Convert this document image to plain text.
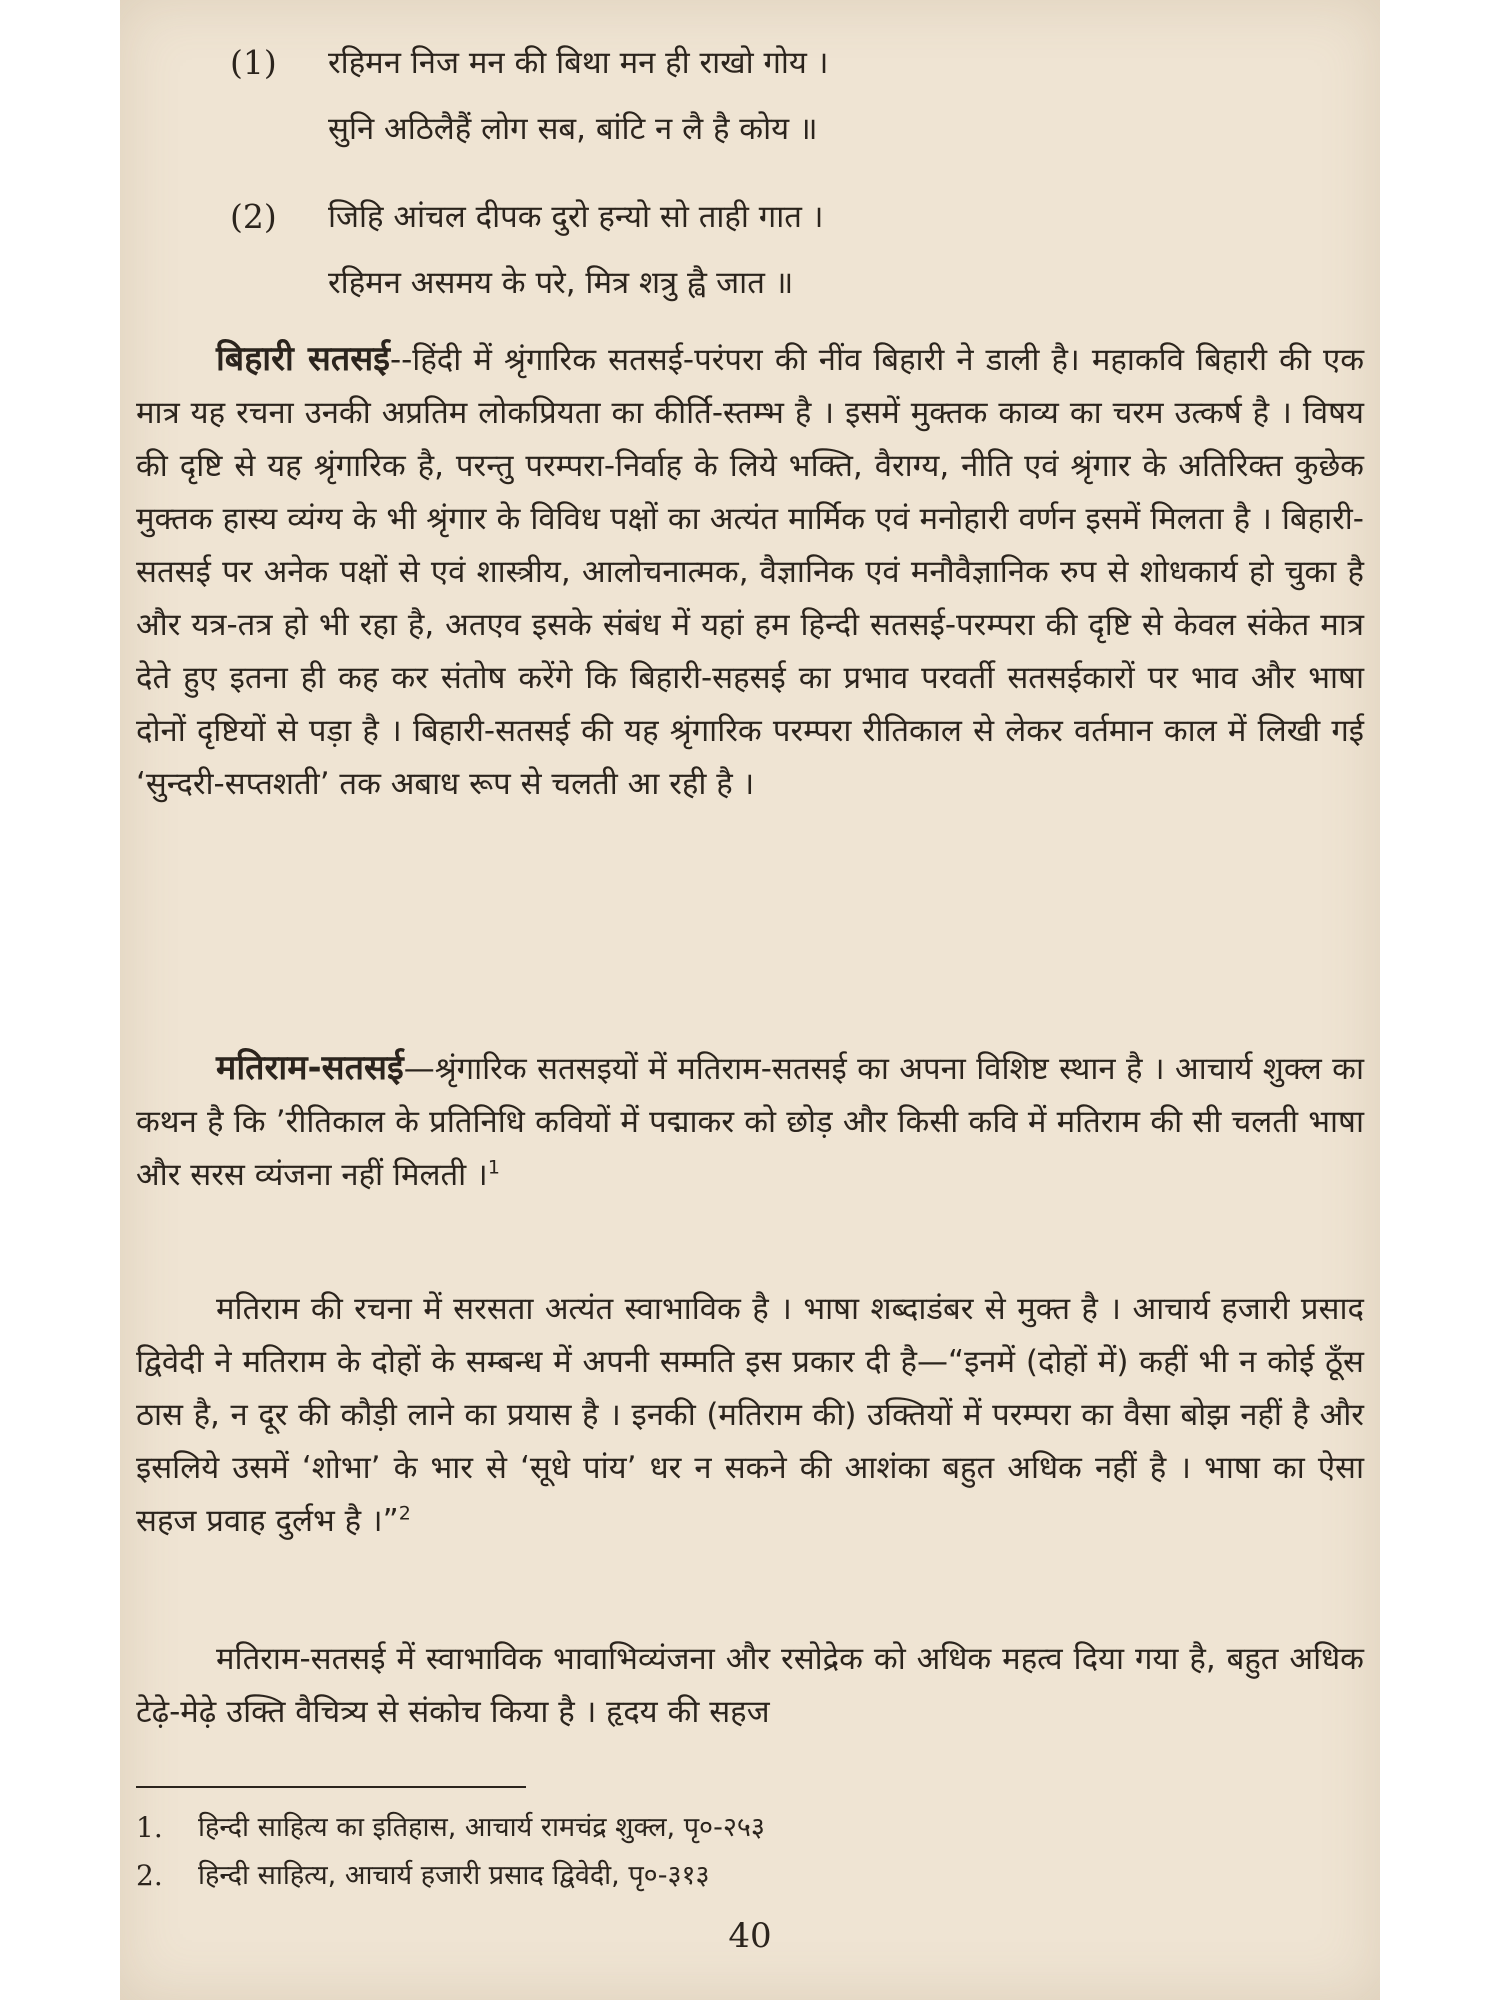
(1) रहिमन निज मन की बिथा मन ही राखो गोय ।
सुनि अठिलैहैं लोग सब, बांटि न लै है कोय ॥
(2) जिहि आंचल दीपक दुरो हन्यो सो ताही गात ।
रहिमन असमय के परे, मित्र शत्रु ह्वै जात ॥

बिहारी सतसई--हिंदी में श्रृंगारिक सतसई-परंपरा की नींव बिहारी ने डाली है। महाकवि बिहारी की एक मात्र यह रचना उनकी अप्रतिम लोकप्रियता का कीर्ति-स्तम्भ है । इसमें मुक्तक काव्य का चरम उत्कर्ष है । विषय की दृष्टि से यह श्रृंगारिक है, परन्तु परम्परा-निर्वाह के लिये भक्ति, वैराग्य, नीति एवं श्रृंगार के अतिरिक्त कुछेक मुक्तक हास्य व्यंग्य के भी श्रृंगार के विविध पक्षों का अत्यंत मार्मिक एवं मनोहारी वर्णन इसमें मिलता है । बिहारी-सतसई पर अनेक पक्षों से एवं शास्त्रीय, आलोचनात्मक, वैज्ञानिक एवं मनौवैज्ञानिक रुप से शोधकार्य हो चुका है और यत्र-तत्र हो भी रहा है, अतएव इसके संबंध में यहां हम हिन्दी सतसई-परम्परा की दृष्टि से केवल संकेत मात्र देते हुए इतना ही कह कर संतोष करेंगे कि बिहारी-सहसई का प्रभाव परवर्ती सतसईकारों पर भाव और भाषा दोनों दृष्टियों से पड़ा है । बिहारी-सतसई की यह श्रृंगारिक परम्परा रीतिकाल से लेकर वर्तमान काल में लिखी गई ‘सुन्दरी-सप्तशती’ तक अबाध रूप से चलती आ रही है ।

मतिराम-सतसई—श्रृंगारिक सतसइयों में मतिराम-सतसई का अपना विशिष्ट स्थान है । आचार्य शुक्ल का कथन है कि ’रीतिकाल के प्रतिनिधि कवियों में पद्माकर को छोड़ और किसी कवि में मतिराम की सी चलती भाषा और सरस व्यंजना नहीं मिलती ।$^1$

मतिराम की रचना में सरसता अत्यंत स्वाभाविक है । भाषा शब्दाडंबर से मुक्त है । आचार्य हजारी प्रसाद द्विवेदी ने मतिराम के दोहों के सम्बन्ध में अपनी सम्मति इस प्रकार दी है—“इनमें (दोहों में) कहीं भी न कोई ठूँस ठास है, न दूर की कौड़ी लाने का प्रयास है । इनकी (मतिराम की) उक्तियों में परम्परा का वैसा बोझ नहीं है और इसलिये उसमें ‘शोभा’ के भार से ‘सूधे पांय’ धर न सकने की आशंका बहुत अधिक नहीं है । भाषा का ऐसा सहज प्रवाह दुर्लभ है ।”$^2$

मतिराम-सतसई में स्वाभाविक भावाभिव्यंजना और रसोद्रेक को अधिक महत्व दिया गया है, बहुत अधिक टेढ़े-मेढ़े उक्ति वैचित्र्य से संकोच किया है । हृदय की सहज

1. हिन्दी साहित्य का इतिहास, आचार्य रामचंद्र शुक्ल, पृ०-२५३
2. हिन्दी साहित्य, आचार्य हजारी प्रसाद द्विवेदी, पृ०-३१३
40
